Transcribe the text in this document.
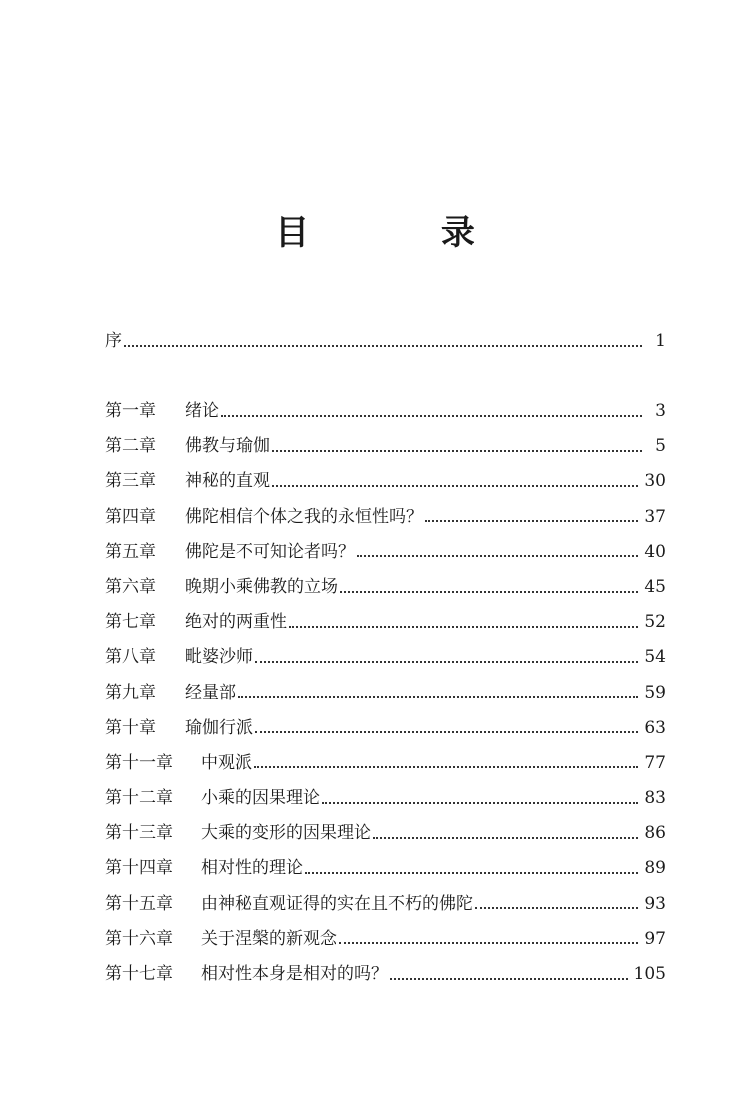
目 录
序	1
第一章	绪论	3
第二章	佛教与瑜伽	5
第三章	神秘的直观	30
第四章	佛陀相信个体之我的永恒性吗？	37
第五章	佛陀是不可知论者吗？	40
第六章	晚期小乘佛教的立场	45
第七章	绝对的两重性	52
第八章	毗婆沙师	54
第九章	经量部	59
第十章	瑜伽行派	63
第十一章	中观派	77
第十二章	小乘的因果理论	83
第十三章	大乘的变形的因果理论	86
第十四章	相对性的理论	89
第十五章	由神秘直观证得的实在且不朽的佛陀	93
第十六章	关于涅槃的新观念	97
第十七章	相对性本身是相对的吗？	105
